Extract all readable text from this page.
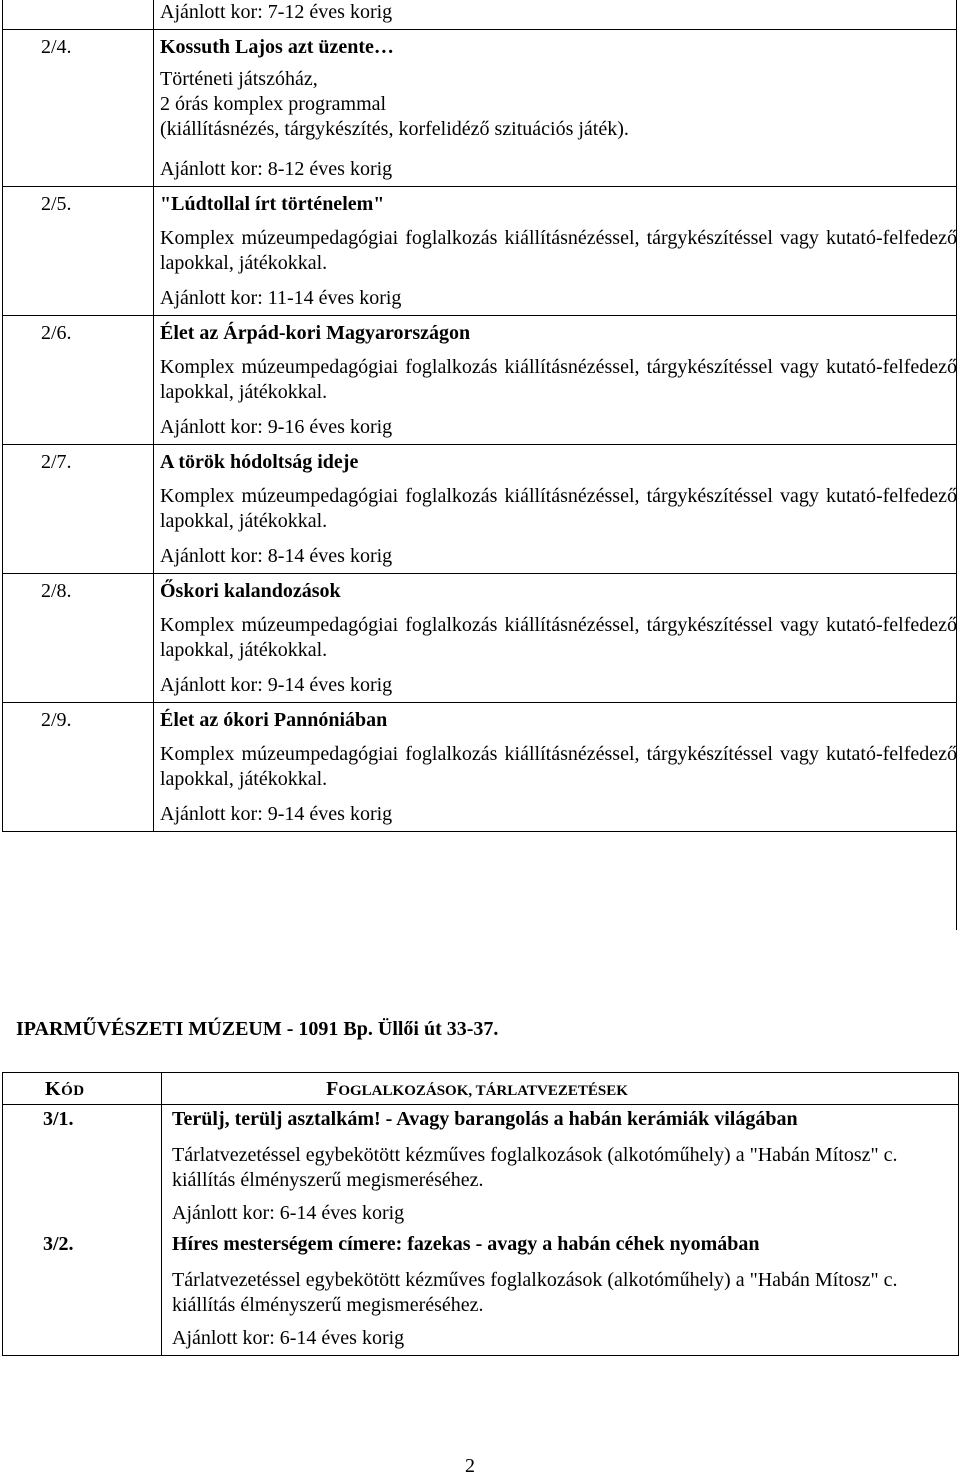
	Ajánlott kor: 7-12 éves korig

2/4.	Kossuth Lajos azt üzente…
Történeti játszóház,
2 órás komplex programmal
(kiállításnézés, tárgykészítés, korfelidéző szituációs játék).
Ajánlott kor: 8-12 éves korig

2/5.	"Lúdtollal írt történelem"
Komplex múzeumpedagógiai foglalkozás kiállításnézéssel, tárgykészítéssel vagy kutató-felfedező lapokkal, játékokkal.
Ajánlott kor: 11-14 éves korig

2/6.	Élet az Árpád-kori Magyarországon
Komplex múzeumpedagógiai foglalkozás kiállításnézéssel, tárgykészítéssel vagy kutató-felfedező lapokkal, játékokkal.
Ajánlott kor: 9-16 éves korig

2/7.	A török hódoltság ideje
Komplex múzeumpedagógiai foglalkozás kiállításnézéssel, tárgykészítéssel vagy kutató-felfedező lapokkal, játékokkal.
Ajánlott kor: 8-14 éves korig

2/8.	Őskori kalandozások
Komplex múzeumpedagógiai foglalkozás kiállításnézéssel, tárgykészítéssel vagy kutató-felfedező lapokkal, játékokkal.
Ajánlott kor: 9-14 éves korig

2/9.	Élet az ókori Pannóniában
Komplex múzeumpedagógiai foglalkozás kiállításnézéssel, tárgykészítéssel vagy kutató-felfedező lapokkal, játékokkal.
Ajánlott kor: 9-14 éves korig
IPARMŰVÉSZETI MÚZEUM - 1091 Bp. Üllői út 33-37.
KÓD	FOGLALKOZÁSOK, TÁRLATVEZETÉSEK

3/1.	Terülj, terülj asztalkám! - Avagy barangolás a habán kerámiák világában
Tárlatvezetéssel egybekötött kézműves foglalkozások (alkotóműhely) a "Habán Mítosz" c. kiállítás élményszerű megismeréséhez.
Ajánlott kor: 6-14 éves korig

3/2.	Híres mesterségem címere: fazekas - avagy a habán céhek nyomában
Tárlatvezetéssel egybekötött kézműves foglalkozások (alkotóműhely) a "Habán Mítosz" c. kiállítás élményszerű megismeréséhez.
Ajánlott kor: 6-14 éves korig
2
